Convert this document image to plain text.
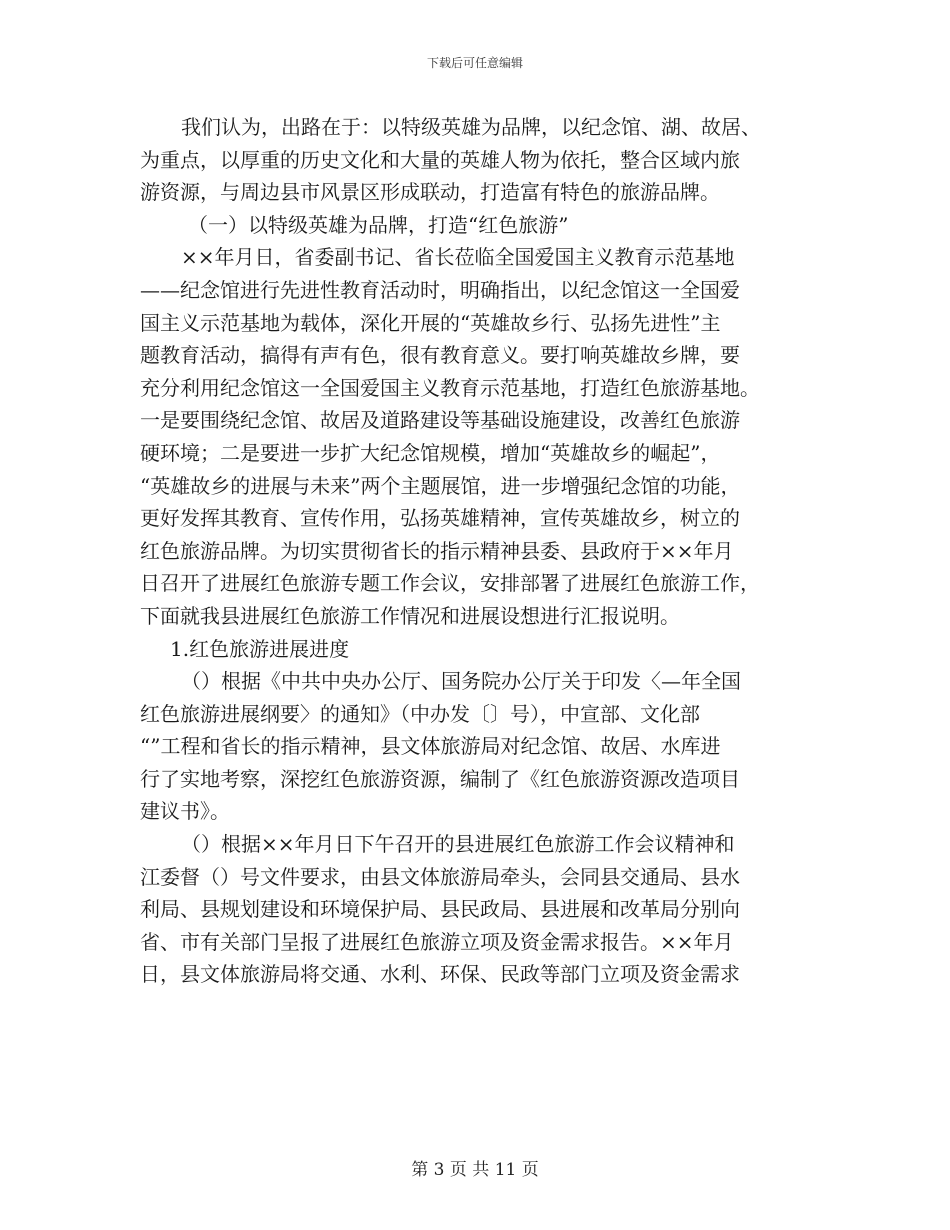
下载后可任意编辑
我们认为，出路在于：以特级英雄为品牌，以纪念馆、湖、故居、
为重点，以厚重的历史文化和大量的英雄人物为依托，整合区域内旅
游资源，与周边县市风景区形成联动，打造富有特色的旅游品牌。
（一）以特级英雄为品牌，打造“红色旅游”
××年月日，省委副书记、省长莅临全国爱国主义教育示范基地
——纪念馆进行先进性教育活动时，明确指出，以纪念馆这一全国爱
国主义示范基地为载体，深化开展的“英雄故乡行、弘扬先进性”主
题教育活动，搞得有声有色，很有教育意义。要打响英雄故乡牌，要
充分利用纪念馆这一全国爱国主义教育示范基地，打造红色旅游基地。
一是要围绕纪念馆、故居及道路建设等基础设施建设，改善红色旅游
硬环境；二是要进一步扩大纪念馆规模，增加“英雄故乡的崛起”，
“英雄故乡的进展与未来”两个主题展馆，进一步增强纪念馆的功能，
更好发挥其教育、宣传作用，弘扬英雄精神，宣传英雄故乡，树立的
红色旅游品牌。为切实贯彻省长的指示精神县委、县政府于××年月
日召开了进展红色旅游专题工作会议，安排部署了进展红色旅游工作，
下面就我县进展红色旅游工作情况和进展设想进行汇报说明。
1.红色旅游进展进度
（）根据《中共中央办公厅、国务院办公厅关于印发〈—年全国
红色旅游进展纲要〉的通知》（中办发〔〕号），中宣部、文化部
“”工程和省长的指示精神，县文体旅游局对纪念馆、故居、水库进
行了实地考察，深挖红色旅游资源，编制了《红色旅游资源改造项目
建议书》。
（）根据××年月日下午召开的县进展红色旅游工作会议精神和
江委督（）号文件要求，由县文体旅游局牵头，会同县交通局、县水
利局、县规划建设和环境保护局、县民政局、县进展和改革局分别向
省、市有关部门呈报了进展红色旅游立项及资金需求报告。××年月
日，县文体旅游局将交通、水利、环保、民政等部门立项及资金需求
第 3 页 共 11 页
